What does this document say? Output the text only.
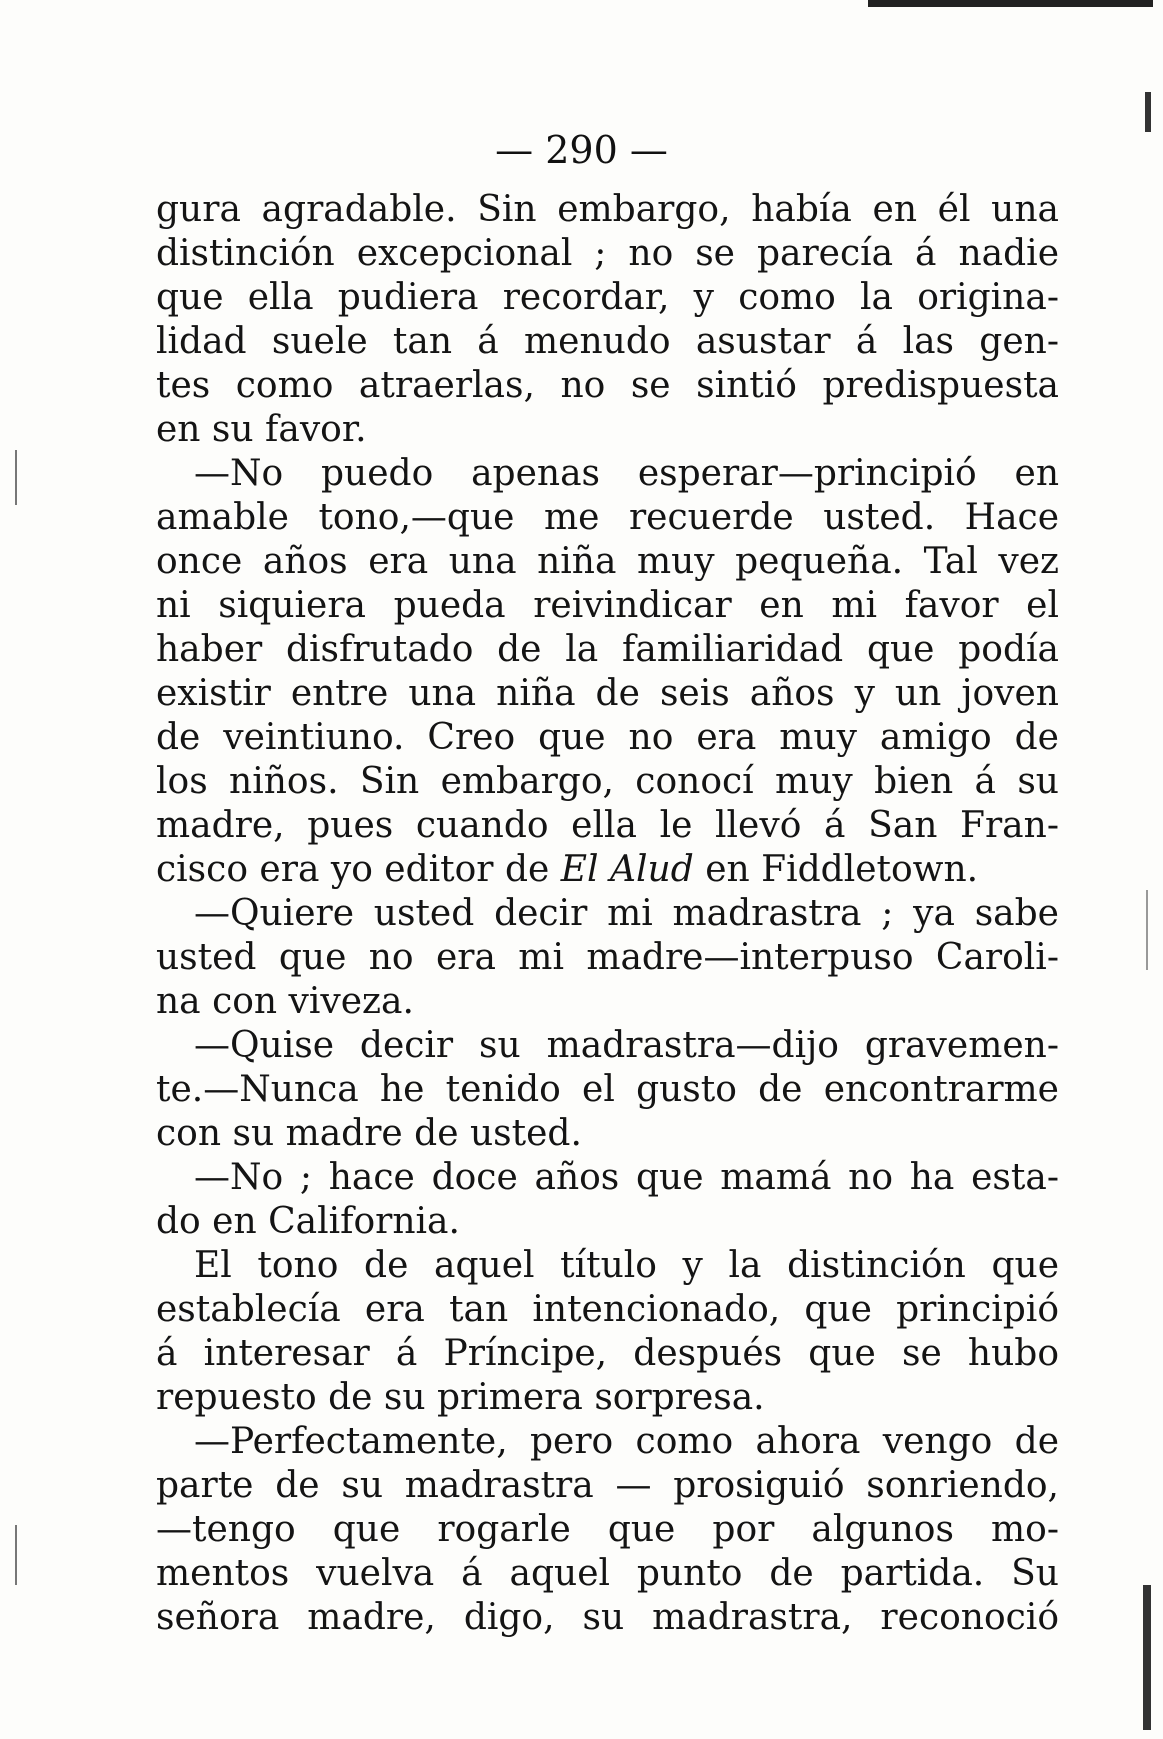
— 290 —
gura agradable. Sin embargo, había en él una
distinción excepcional ; no se parecía á nadie
que ella pudiera recordar, y como la origina-
lidad suele tan á menudo asustar á las gen-
tes como atraerlas, no se sintió predispuesta
en su favor.
—No puedo apenas esperar—principió en
amable tono,—que me recuerde usted. Hace
once años era una niña muy pequeña. Tal vez
ni siquiera pueda reivindicar en mi favor el
haber disfrutado de la familiaridad que podía
existir entre una niña de seis años y un joven
de veintiuno. Creo que no era muy amigo de
los niños. Sin embargo, conocí muy bien á su
madre, pues cuando ella le llevó á San Fran-
cisco era yo editor de El Alud en Fiddletown.
—Quiere usted decir mi madrastra ; ya sabe
usted que no era mi madre—interpuso Caroli-
na con viveza.
—Quise decir su madrastra—dijo gravemen-
te.—Nunca he tenido el gusto de encontrarme
con su madre de usted.
—No ; hace doce años que mamá no ha esta-
do en California.
El tono de aquel título y la distinción que
establecía era tan intencionado, que principió
á interesar á Príncipe, después que se hubo
repuesto de su primera sorpresa.
—Perfectamente, pero como ahora vengo de
parte de su madrastra — prosiguió sonriendo,
—tengo que rogarle que por algunos mo-
mentos vuelva á aquel punto de partida. Su
señora madre, digo, su madrastra, reconoció
